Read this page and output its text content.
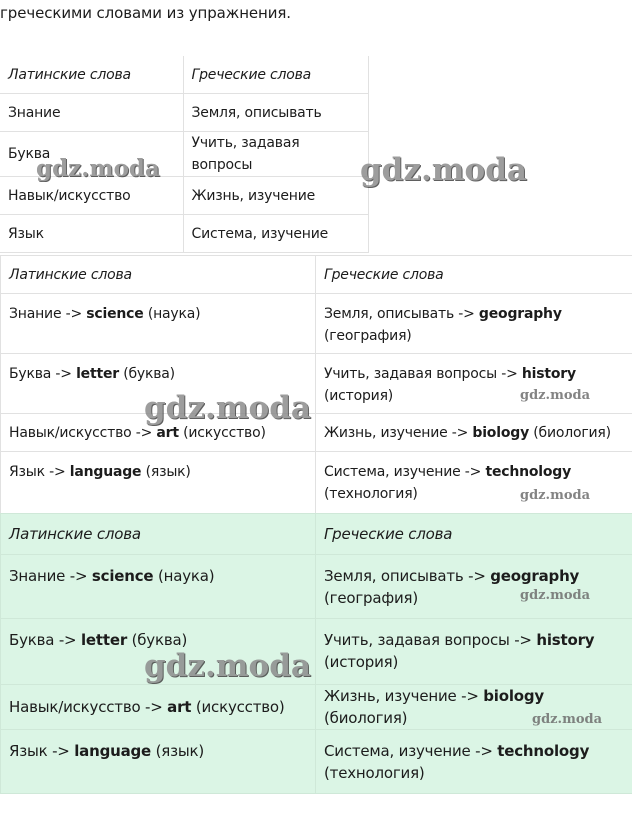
греческими словами из упражнения.
Латинские слова	Греческие слова
Знание	Земля, описывать
Буква	Учить, задавая вопросы
Навык/искусство	Жизнь, изучение
Язык	Система, изучение
Латинские слова	Греческие слова
Знание -> science (наука)	Земля, описывать -> geography (география)
Буква -> letter (буква)	Учить, задавая вопросы -> history (история)
Навык/искусство -> art (искусство)	Жизнь, изучение -> biology (биология)
Язык -> language (язык)	Система, изучение -> technology (технология)
Латинские слова	Греческие слова
Знание -> science (наука)	Земля, описывать -> geography (география)
Буква -> letter (буква)	Учить, задавая вопросы -> history (история)
Навык/искусство -> art (искусство)	Жизнь, изучение -> biology (биология)
Язык -> language (язык)	Система, изучение -> technology (технология)
gdz.moda	gdz.moda
gdz.moda	gdz.moda
gdz.moda
gdz.moda
gdz.moda
gdz.moda
